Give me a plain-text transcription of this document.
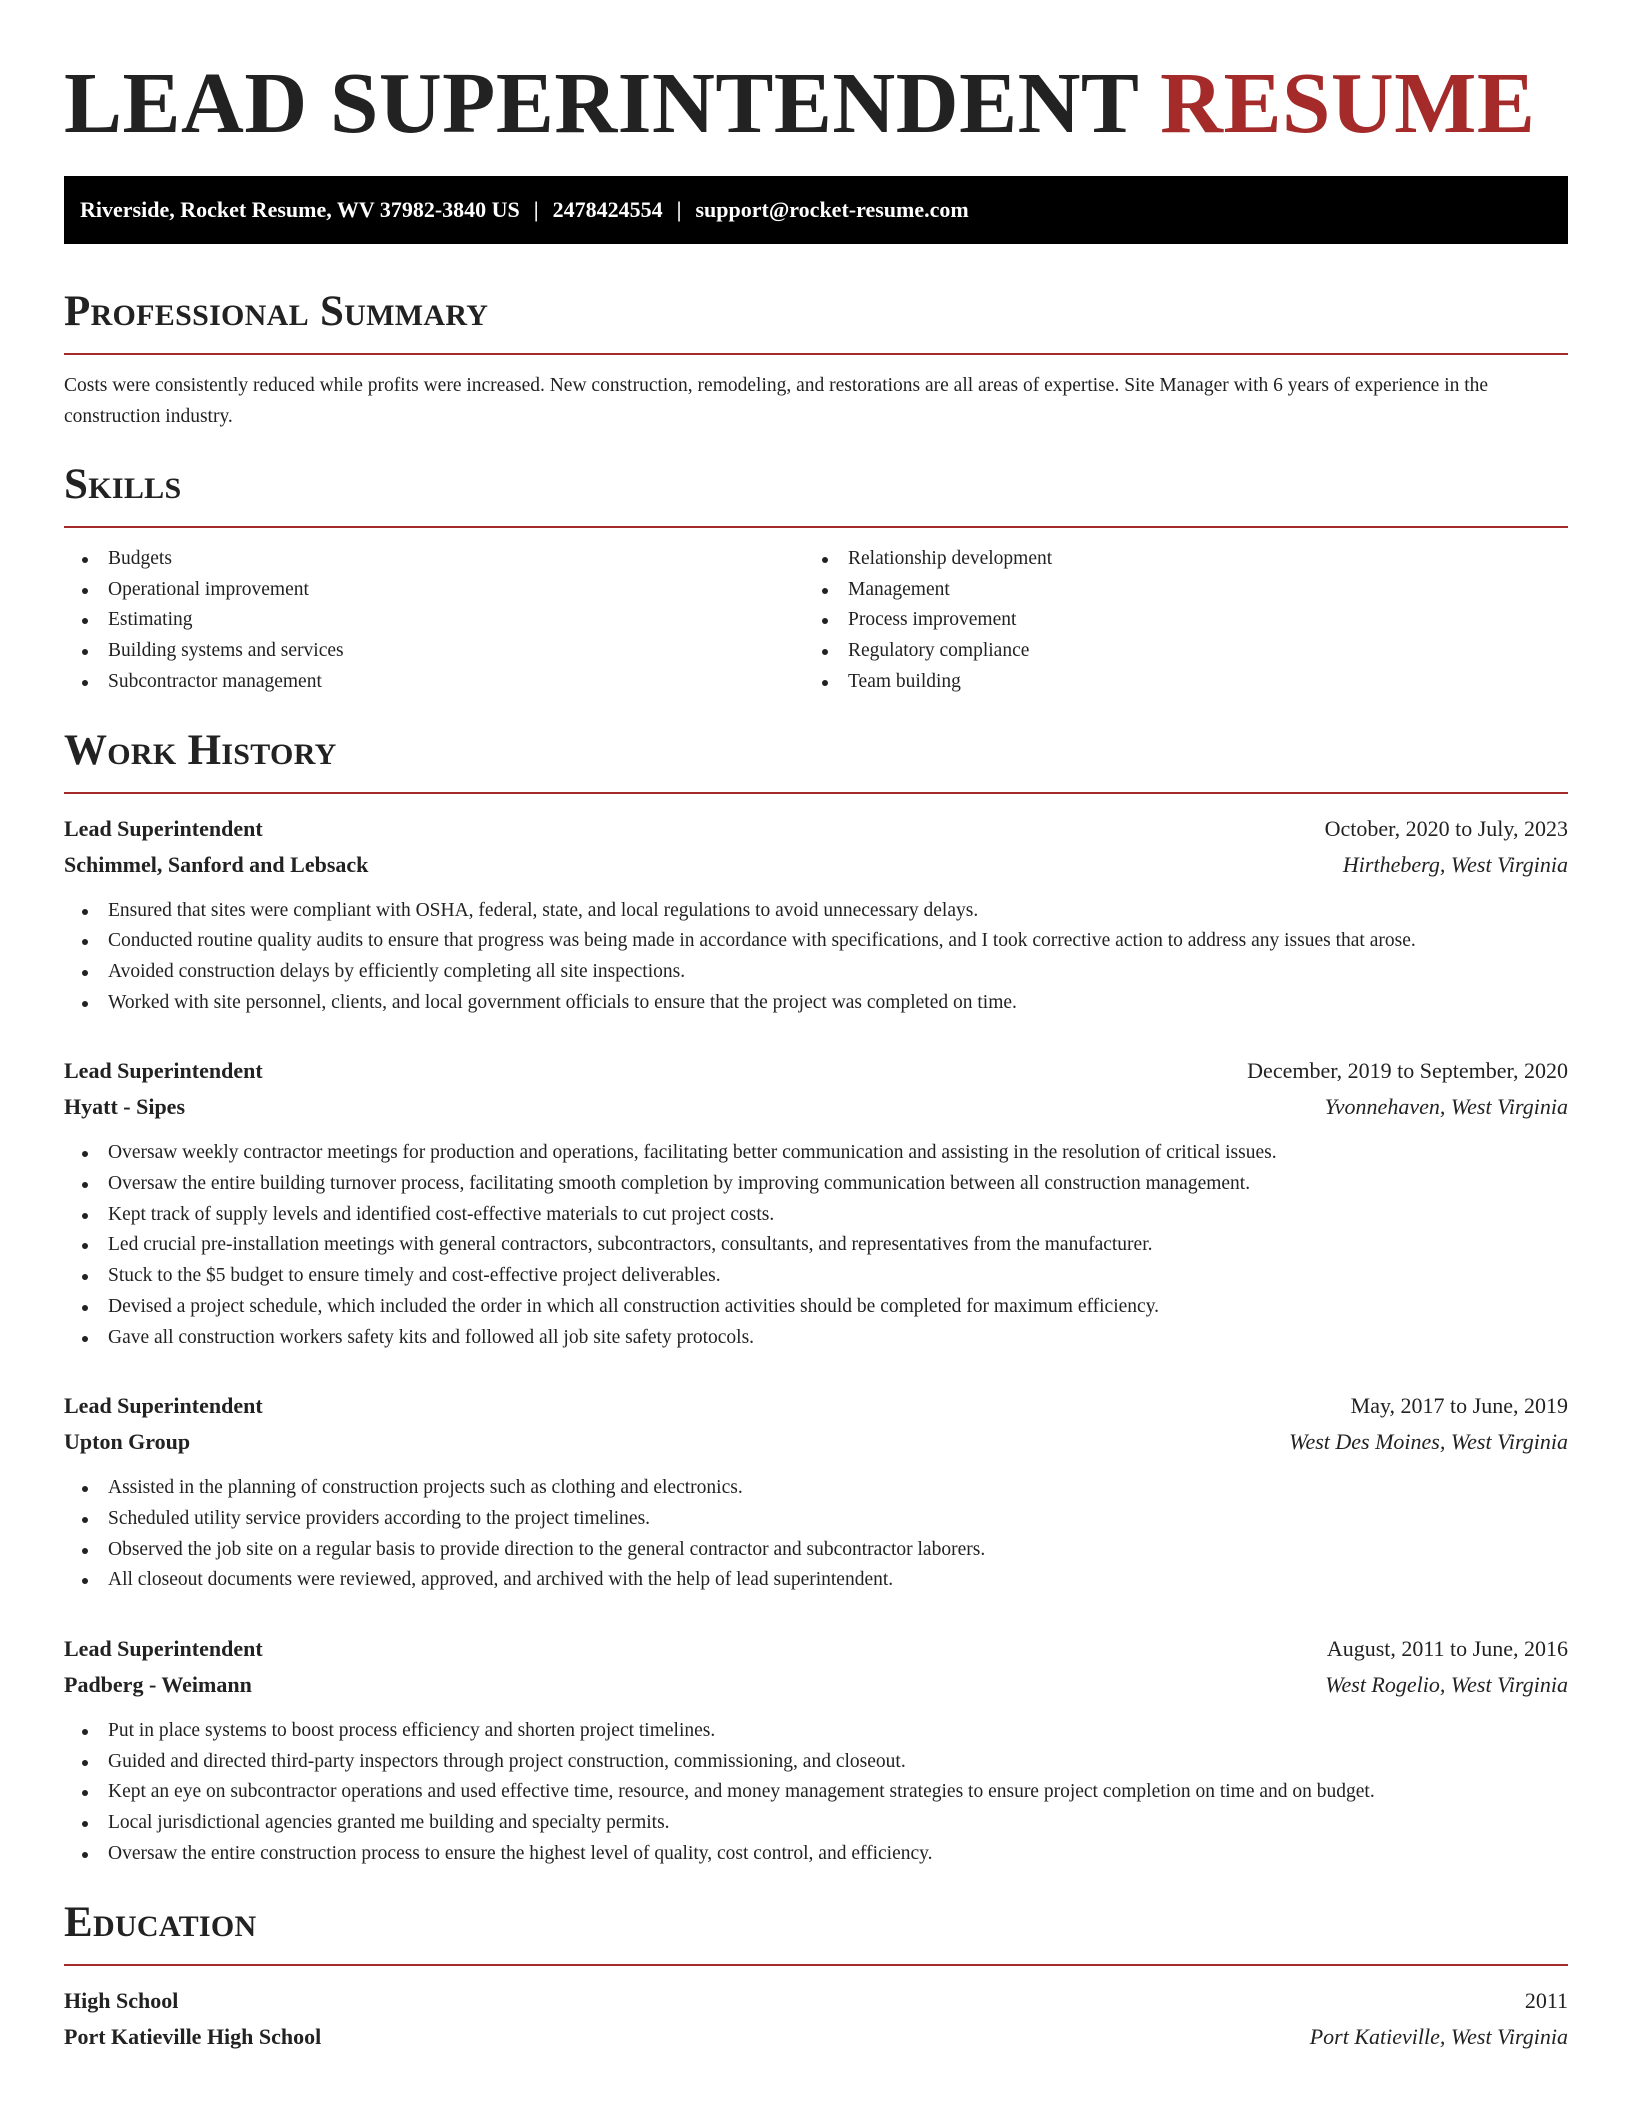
LEAD SUPERINTENDENT RESUME
Riverside, Rocket Resume, WV 37982-3840 US | 2478424554 | support@rocket-resume.com
Professional Summary

Costs were consistently reduced while profits were increased. New construction, remodeling, and restorations are all areas of expertise. Site Manager with 6 years of experience in the construction industry.

Skills
Budgets
Operational improvement
Estimating
Building systems and services
Subcontractor management
Relationship development
Management
Process improvement
Regulatory compliance
Team building
Work History
Lead Superintendent	October, 2020 to July, 2023
Schimmel, Sanford and Lebsack	Hirtheberg, West Virginia
Ensured that sites were compliant with OSHA, federal, state, and local regulations to avoid unnecessary delays.
Conducted routine quality audits to ensure that progress was being made in accordance with specifications, and I took corrective action to address any issues that arose.
Avoided construction delays by efficiently completing all site inspections.
Worked with site personnel, clients, and local government officials to ensure that the project was completed on time.
Lead Superintendent	December, 2019 to September, 2020
Hyatt - Sipes	Yvonnehaven, West Virginia
Oversaw weekly contractor meetings for production and operations, facilitating better communication and assisting in the resolution of critical issues.
Oversaw the entire building turnover process, facilitating smooth completion by improving communication between all construction management.
Kept track of supply levels and identified cost-effective materials to cut project costs.
Led crucial pre-installation meetings with general contractors, subcontractors, consultants, and representatives from the manufacturer.
Stuck to the $5 budget to ensure timely and cost-effective project deliverables.
Devised a project schedule, which included the order in which all construction activities should be completed for maximum efficiency.
Gave all construction workers safety kits and followed all job site safety protocols.
Lead Superintendent	May, 2017 to June, 2019
Upton Group	West Des Moines, West Virginia
Assisted in the planning of construction projects such as clothing and electronics.
Scheduled utility service providers according to the project timelines.
Observed the job site on a regular basis to provide direction to the general contractor and subcontractor laborers.
All closeout documents were reviewed, approved, and archived with the help of lead superintendent.
Lead Superintendent	August, 2011 to June, 2016
Padberg - Weimann	West Rogelio, West Virginia
Put in place systems to boost process efficiency and shorten project timelines.
Guided and directed third-party inspectors through project construction, commissioning, and closeout.
Kept an eye on subcontractor operations and used effective time, resource, and money management strategies to ensure project completion on time and on budget.
Local jurisdictional agencies granted me building and specialty permits.
Oversaw the entire construction process to ensure the highest level of quality, cost control, and efficiency.
Education
High School	2011
Port Katieville High School	Port Katieville, West Virginia
